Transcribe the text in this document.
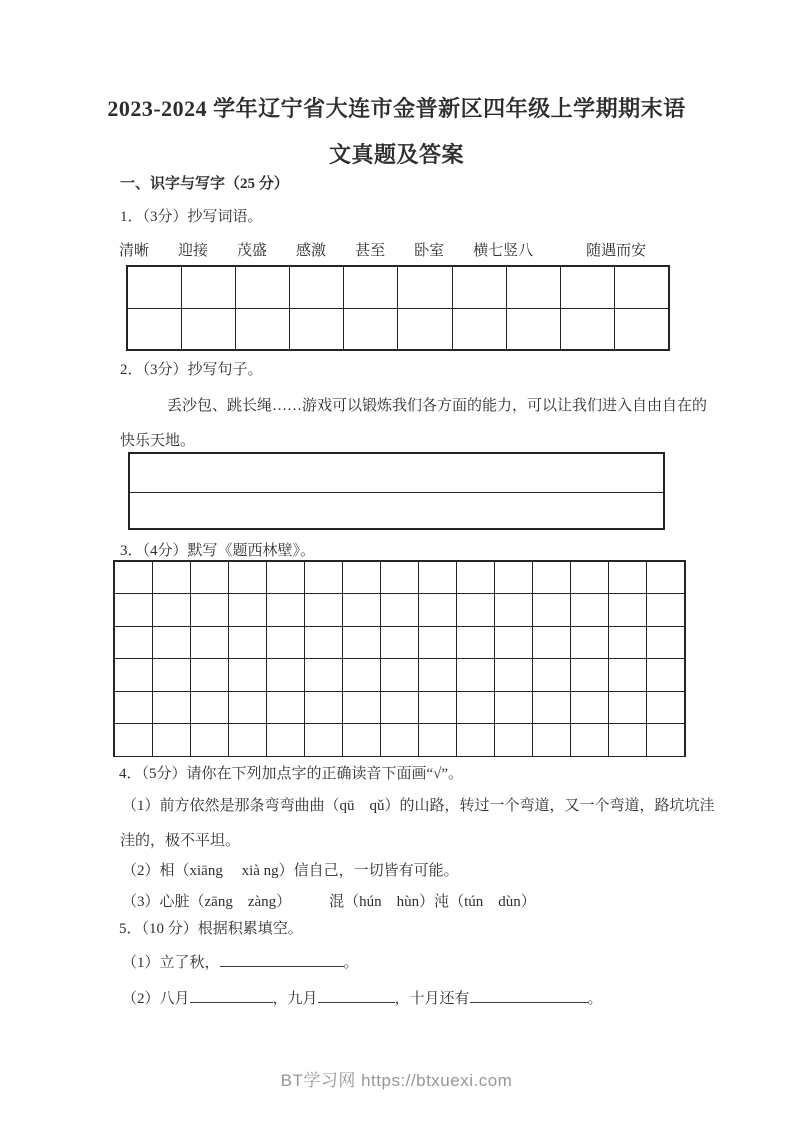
2023-2024 学年辽宁省大连市金普新区四年级上学期期末语
文真题及答案
一、识字与写字（25 分）
1．（3分）抄写词语。
清晰 迎接 茂盛 感激 甚至 卧室 横七竖八	随遇而安
2．（3分）抄写句子。
丢沙包、跳长绳……游戏可以锻炼我们各方面的能力，可以让我们进入自由自在的
快乐天地。
3．（4分）默写《题西林壁》。
4．（5分）请你在下列加点字的正确读音下面画“√”。
（1）前方依然是那条弯弯曲曲（qū　qǔ）的山路，转过一个弯道，又一个弯道，路坑坑洼
洼的，极不平坦。
（2）相（xiāng　 xià ng）信自己，一切皆有可能。
（3）心脏（zāng　zàng）	混（hún　hùn）沌（tún　dùn）
5．（10 分）根据积累填空。
（1）立了秋，	。
（2）八月	，九月	，十月还有	。
BT学习网 https://btxuexi.com
